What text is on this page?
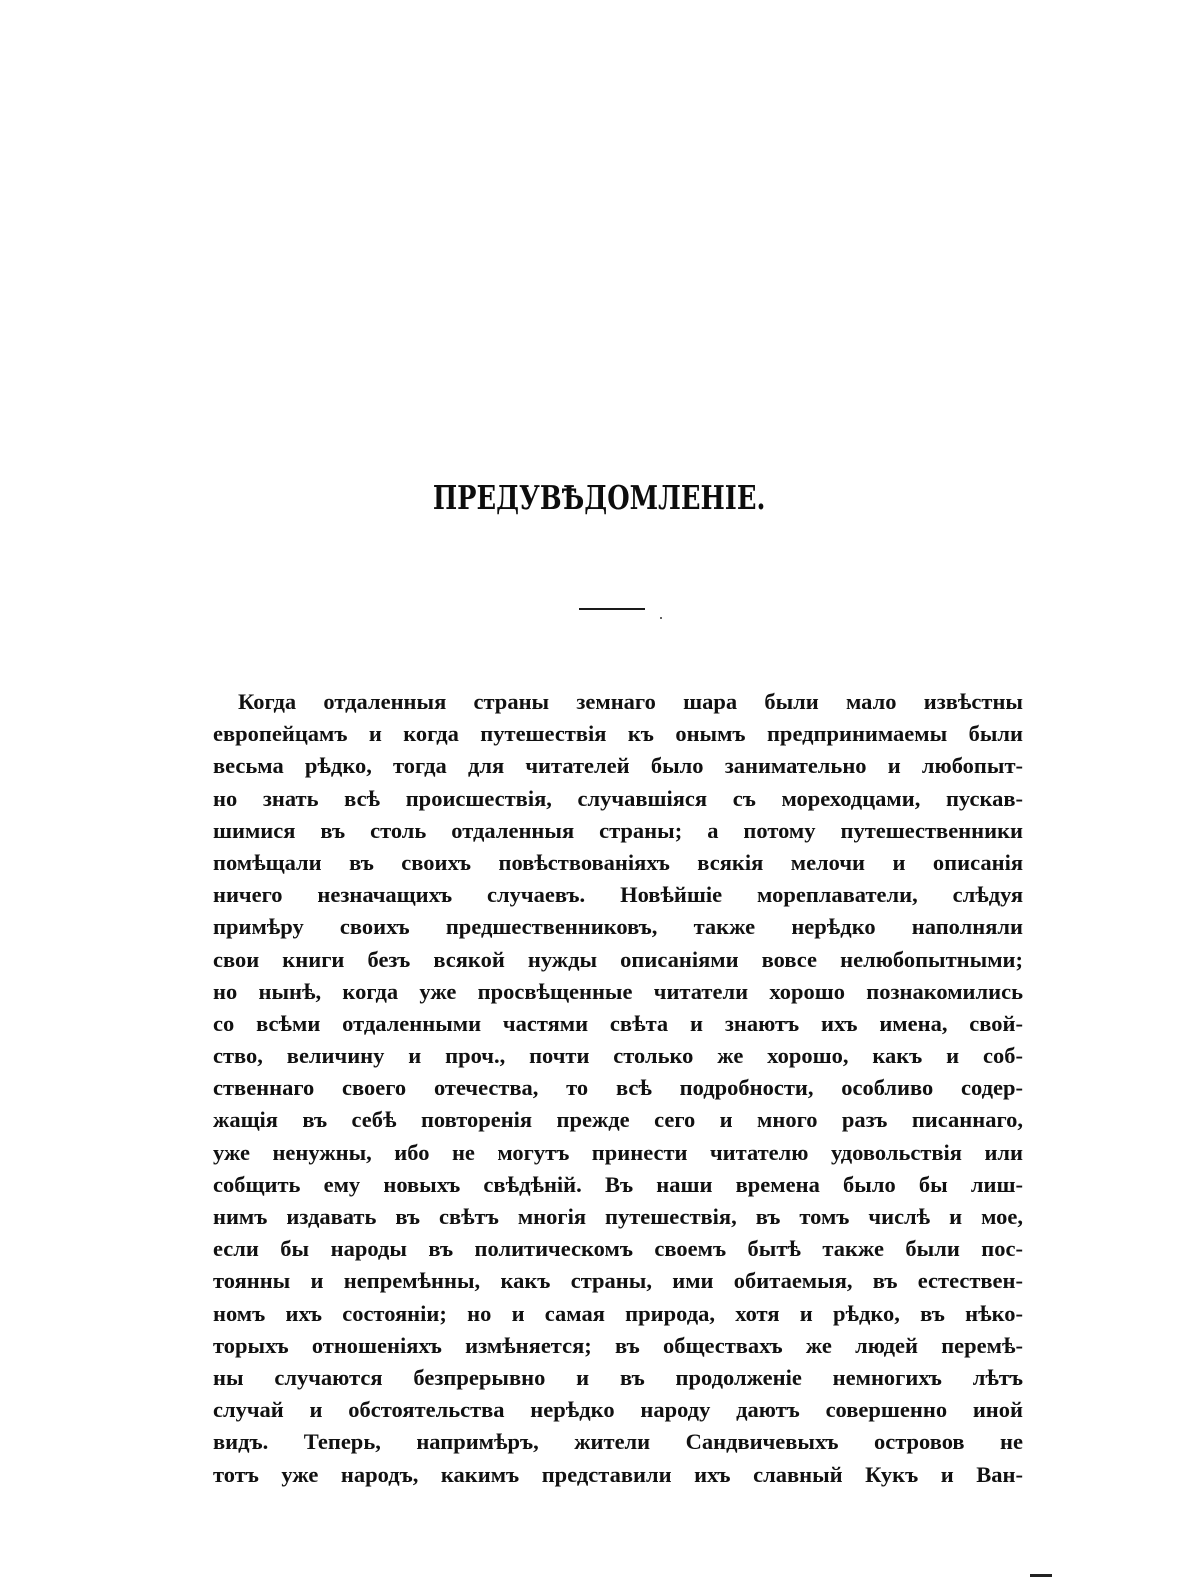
ПРЕДУВѢДОМЛЕНІЕ.
Когда отдаленныя страны земнаго шара были мало извѣстны
европейцамъ и когда путешествія къ онымъ предпринимаемы были
весьма рѣдко, тогда для читателей было занимательно и любопыт-
но знать всѣ происшествія, случавшіяся съ мореходцами, пускав-
шимися въ столь отдаленныя страны; а потому путешественники
помѣщали въ своихъ повѣствованіяхъ всякія мелочи и описанія
ничего незначащихъ случаевъ. Новѣйшіе мореплаватели, слѣдуя
примѣру своихъ предшественниковъ, также нерѣдко наполняли
свои книги безъ всякой нужды описаніями вовсе нелюбопытными;
но нынѣ, когда уже просвѣщенные читатели хорошо познакомились
со всѣми отдаленными частями свѣта и знаютъ ихъ имена, свой-
ство, величину и проч., почти столько же хорошо, какъ и соб-
ственнаго своего отечества, то всѣ подробности, особливо содер-
жащія въ себѣ повторенія прежде сего и много разъ писаннаго,
уже ненужны, ибо не могутъ принести читателю удовольствія или
собщить ему новыхъ свѣдѣній. Въ наши времена было бы лиш-
нимъ издавать въ свѣтъ многія путешествія, въ томъ числѣ и мое,
если бы народы въ политическомъ своемъ бытѣ также были пос-
тоянны и непремѣнны, какъ страны, ими обитаемыя, въ естествен-
номъ ихъ состояніи; но и самая природа, хотя и рѣдко, въ нѣко-
торыхъ отношеніяхъ измѣняется; въ обществахъ же людей перемѣ-
ны случаются безпрерывно и въ продолженіе немногихъ лѣтъ
случай и обстоятельства нерѣдко народу даютъ совершенно иной
видъ. Теперь, напримѣръ, жители Сандвичевыхъ островов не
тотъ уже народъ, какимъ представили ихъ славный Кукъ и Ван-
